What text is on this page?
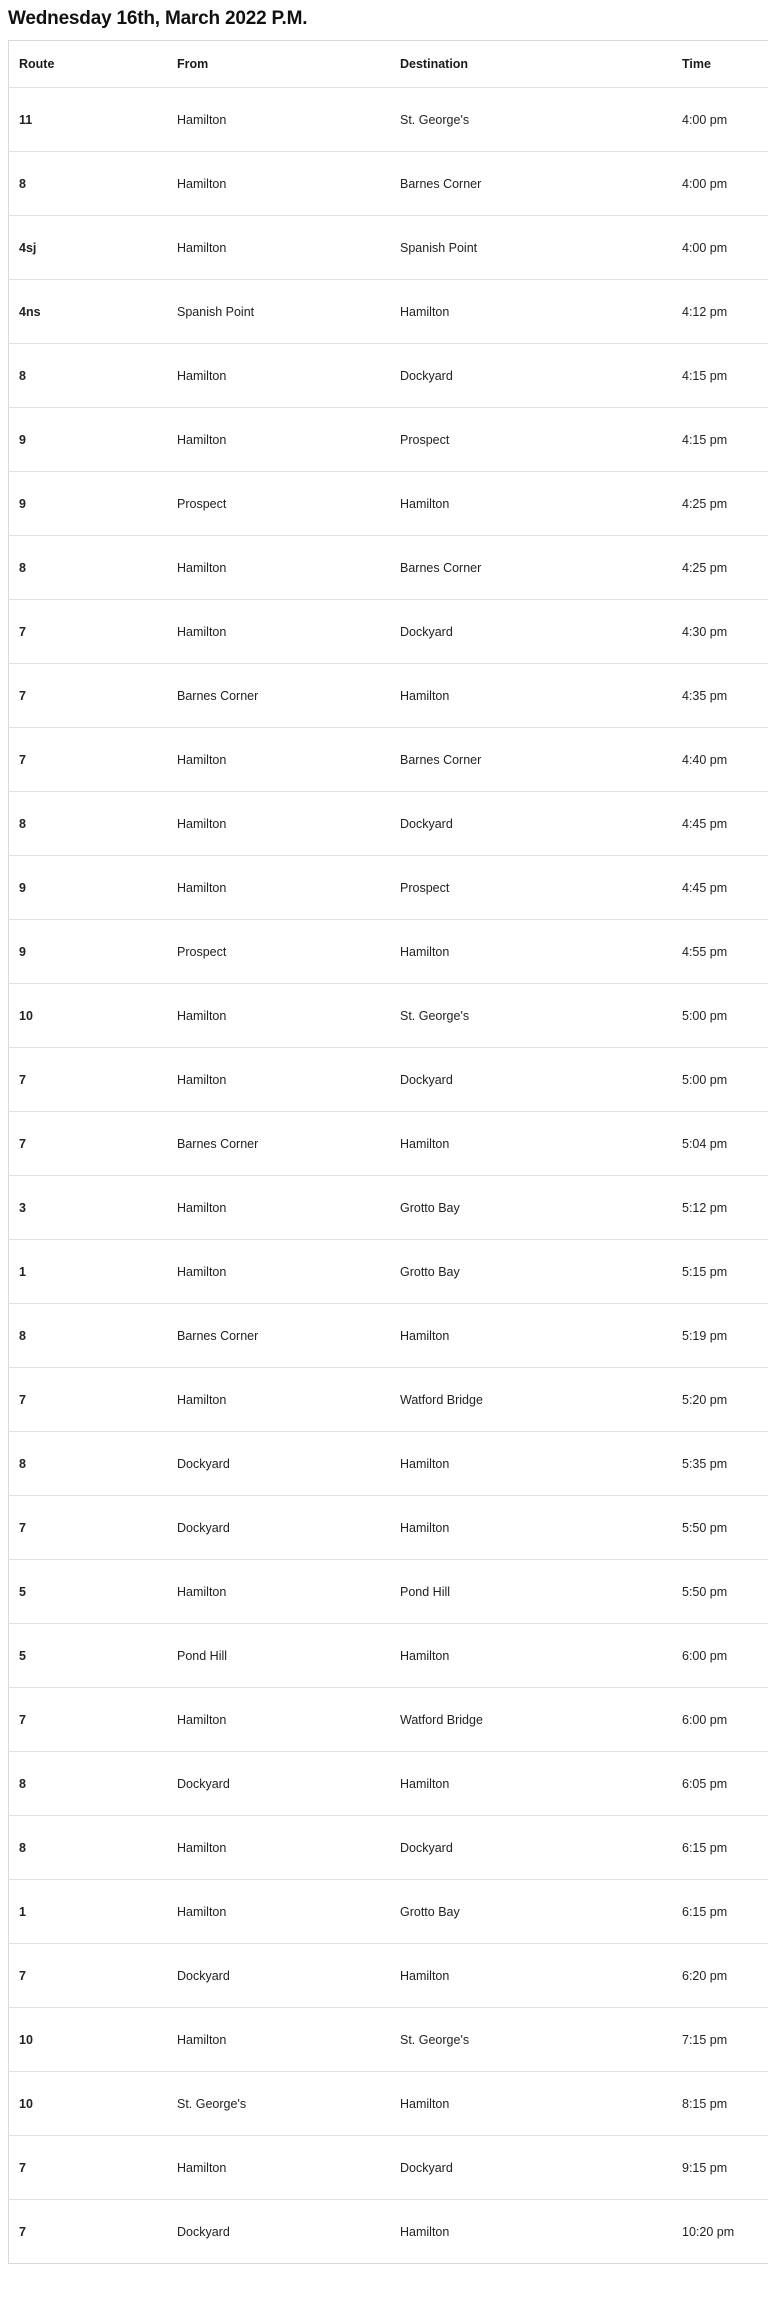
Wednesday 16th, March 2022 P.M.
Route	From	Destination	Time
11	Hamilton	St. George's	4:00 pm
8	Hamilton	Barnes Corner	4:00 pm
4sj	Hamilton	Spanish Point	4:00 pm
4ns	Spanish Point	Hamilton	4:12 pm
8	Hamilton	Dockyard	4:15 pm
9	Hamilton	Prospect	4:15 pm
9	Prospect	Hamilton	4:25 pm
8	Hamilton	Barnes Corner	4:25 pm
7	Hamilton	Dockyard	4:30 pm
7	Barnes Corner	Hamilton	4:35 pm
7	Hamilton	Barnes Corner	4:40 pm
8	Hamilton	Dockyard	4:45 pm
9	Hamilton	Prospect	4:45 pm
9	Prospect	Hamilton	4:55 pm
10	Hamilton	St. George's	5:00 pm
7	Hamilton	Dockyard	5:00 pm
7	Barnes Corner	Hamilton	5:04 pm
3	Hamilton	Grotto Bay	5:12 pm
1	Hamilton	Grotto Bay	5:15 pm
8	Barnes Corner	Hamilton	5:19 pm
7	Hamilton	Watford Bridge	5:20 pm
8	Dockyard	Hamilton	5:35 pm
7	Dockyard	Hamilton	5:50 pm
5	Hamilton	Pond Hill	5:50 pm
5	Pond Hill	Hamilton	6:00 pm
7	Hamilton	Watford Bridge	6:00 pm
8	Dockyard	Hamilton	6:05 pm
8	Hamilton	Dockyard	6:15 pm
1	Hamilton	Grotto Bay	6:15 pm
7	Dockyard	Hamilton	6:20 pm
10	Hamilton	St. George's	7:15 pm
10	St. George's	Hamilton	8:15 pm
7	Hamilton	Dockyard	9:15 pm
7	Dockyard	Hamilton	10:20 pm
